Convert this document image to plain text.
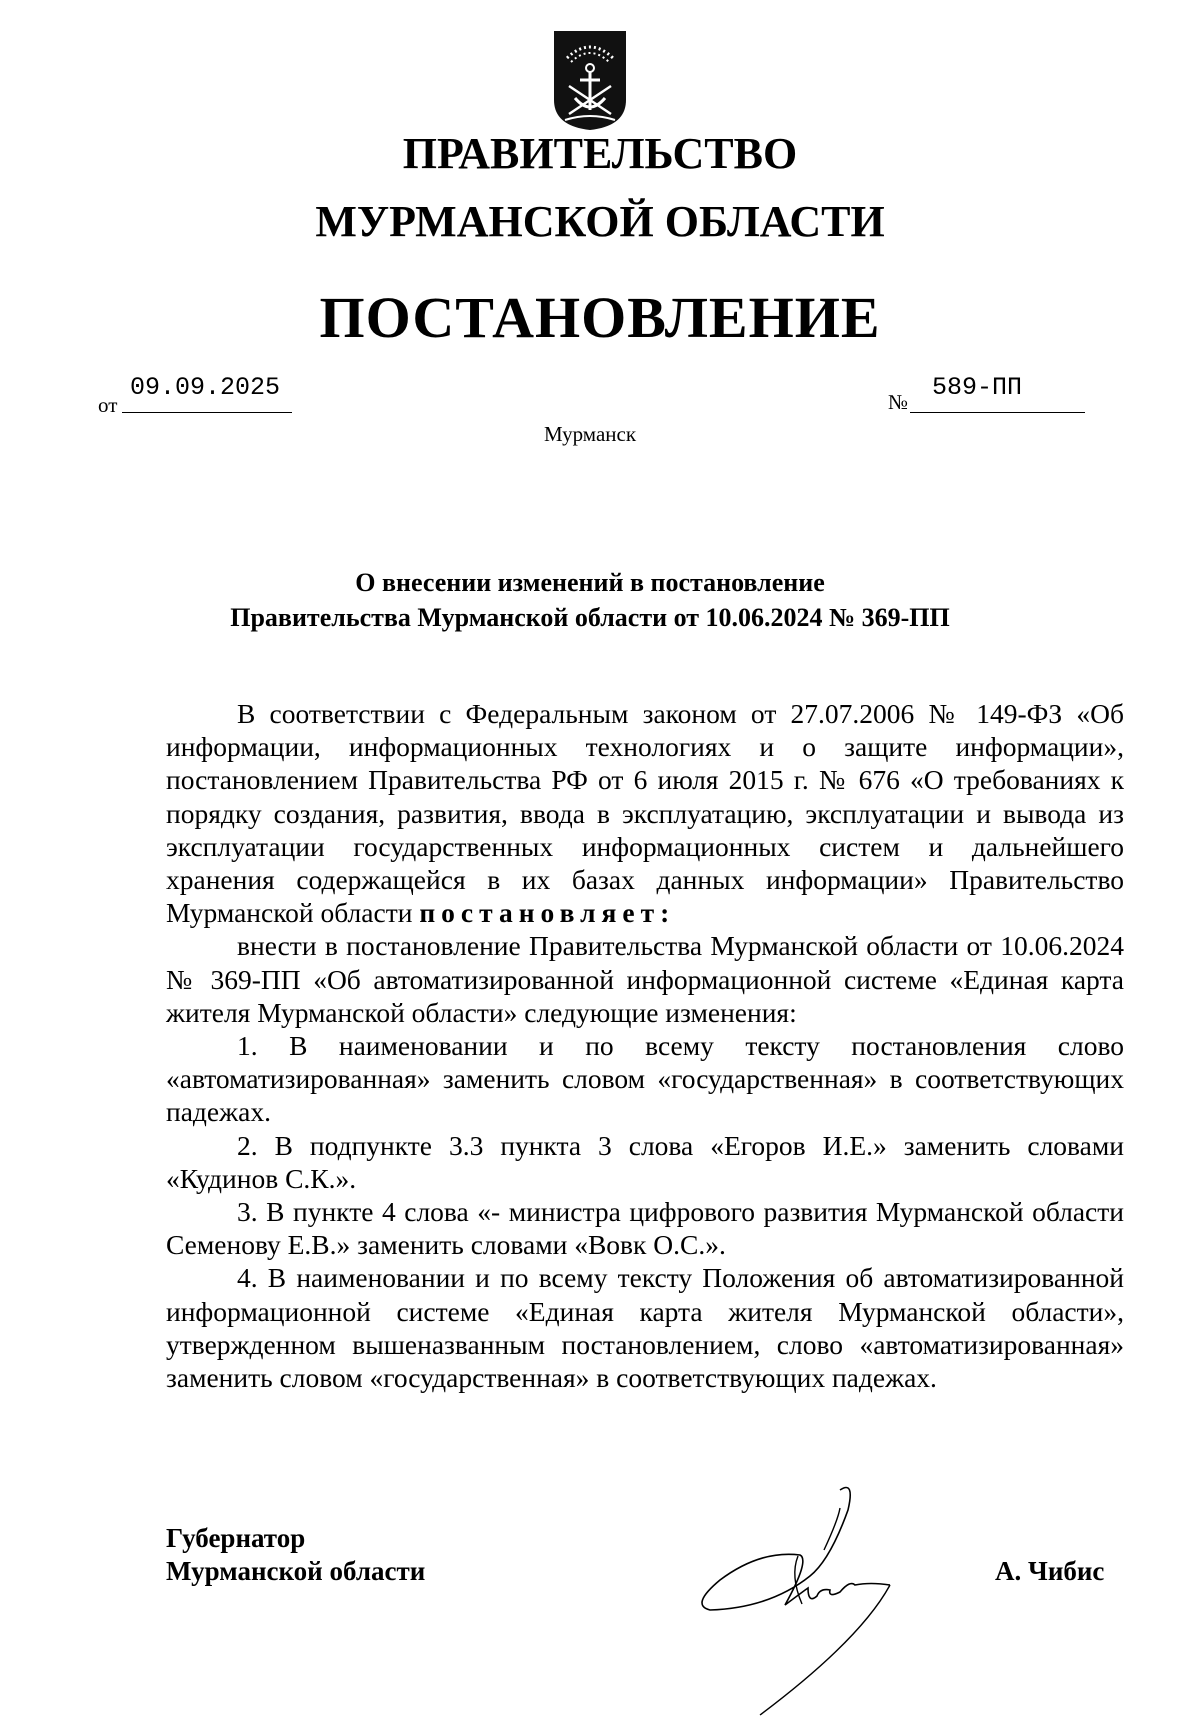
ПРАВИТЕЛЬСТВО
МУРМАНСКОЙ ОБЛАСТИ
ПОСТАНОВЛЕНИЕ
от
09.09.2025	№ 589-ПП
Мурманск
О внесении изменений в постановление
Правительства Мурманской области от 10.06.2024 № 369-ПП

В соответствии с Федеральным законом от 27.07.2006 № 149-ФЗ «Об информации, информационных технологиях и о защите информации», постановлением Правительства РФ от 6 июля 2015 г. № 676 «О требованиях к порядку создания, развития, ввода в эксплуатацию, эксплуатации и вывода из эксплуатации государственных информационных систем и дальнейшего хранения содержащейся в их базах данных информации» Правительство Мурманской области постановляет:

внести в постановление Правительства Мурманской области от 10.06.2024 № 369-ПП «Об автоматизированной информационной системе «Единая карта жителя Мурманской области» следующие изменения:

1. В наименовании и по всему тексту постановления слово «автоматизированная» заменить словом «государственная» в соответствующих падежах.

2. В подпункте 3.3 пункта 3 слова «Егоров И.Е.» заменить словами «Кудинов С.К.».

3. В пункте 4 слова «- министра цифрового развития Мурманской области Семенову Е.В.» заменить словами «Вовк О.С.».

4. В наименовании и по всему тексту Положения об автоматизированной информационной системе «Единая карта жителя Мурманской области», утвержденном вышеназванным постановлением, слово «автоматизированная» заменить словом «государственная» в соответствующих падежах.

Губернатор
Мурманской области	А. Чибис
